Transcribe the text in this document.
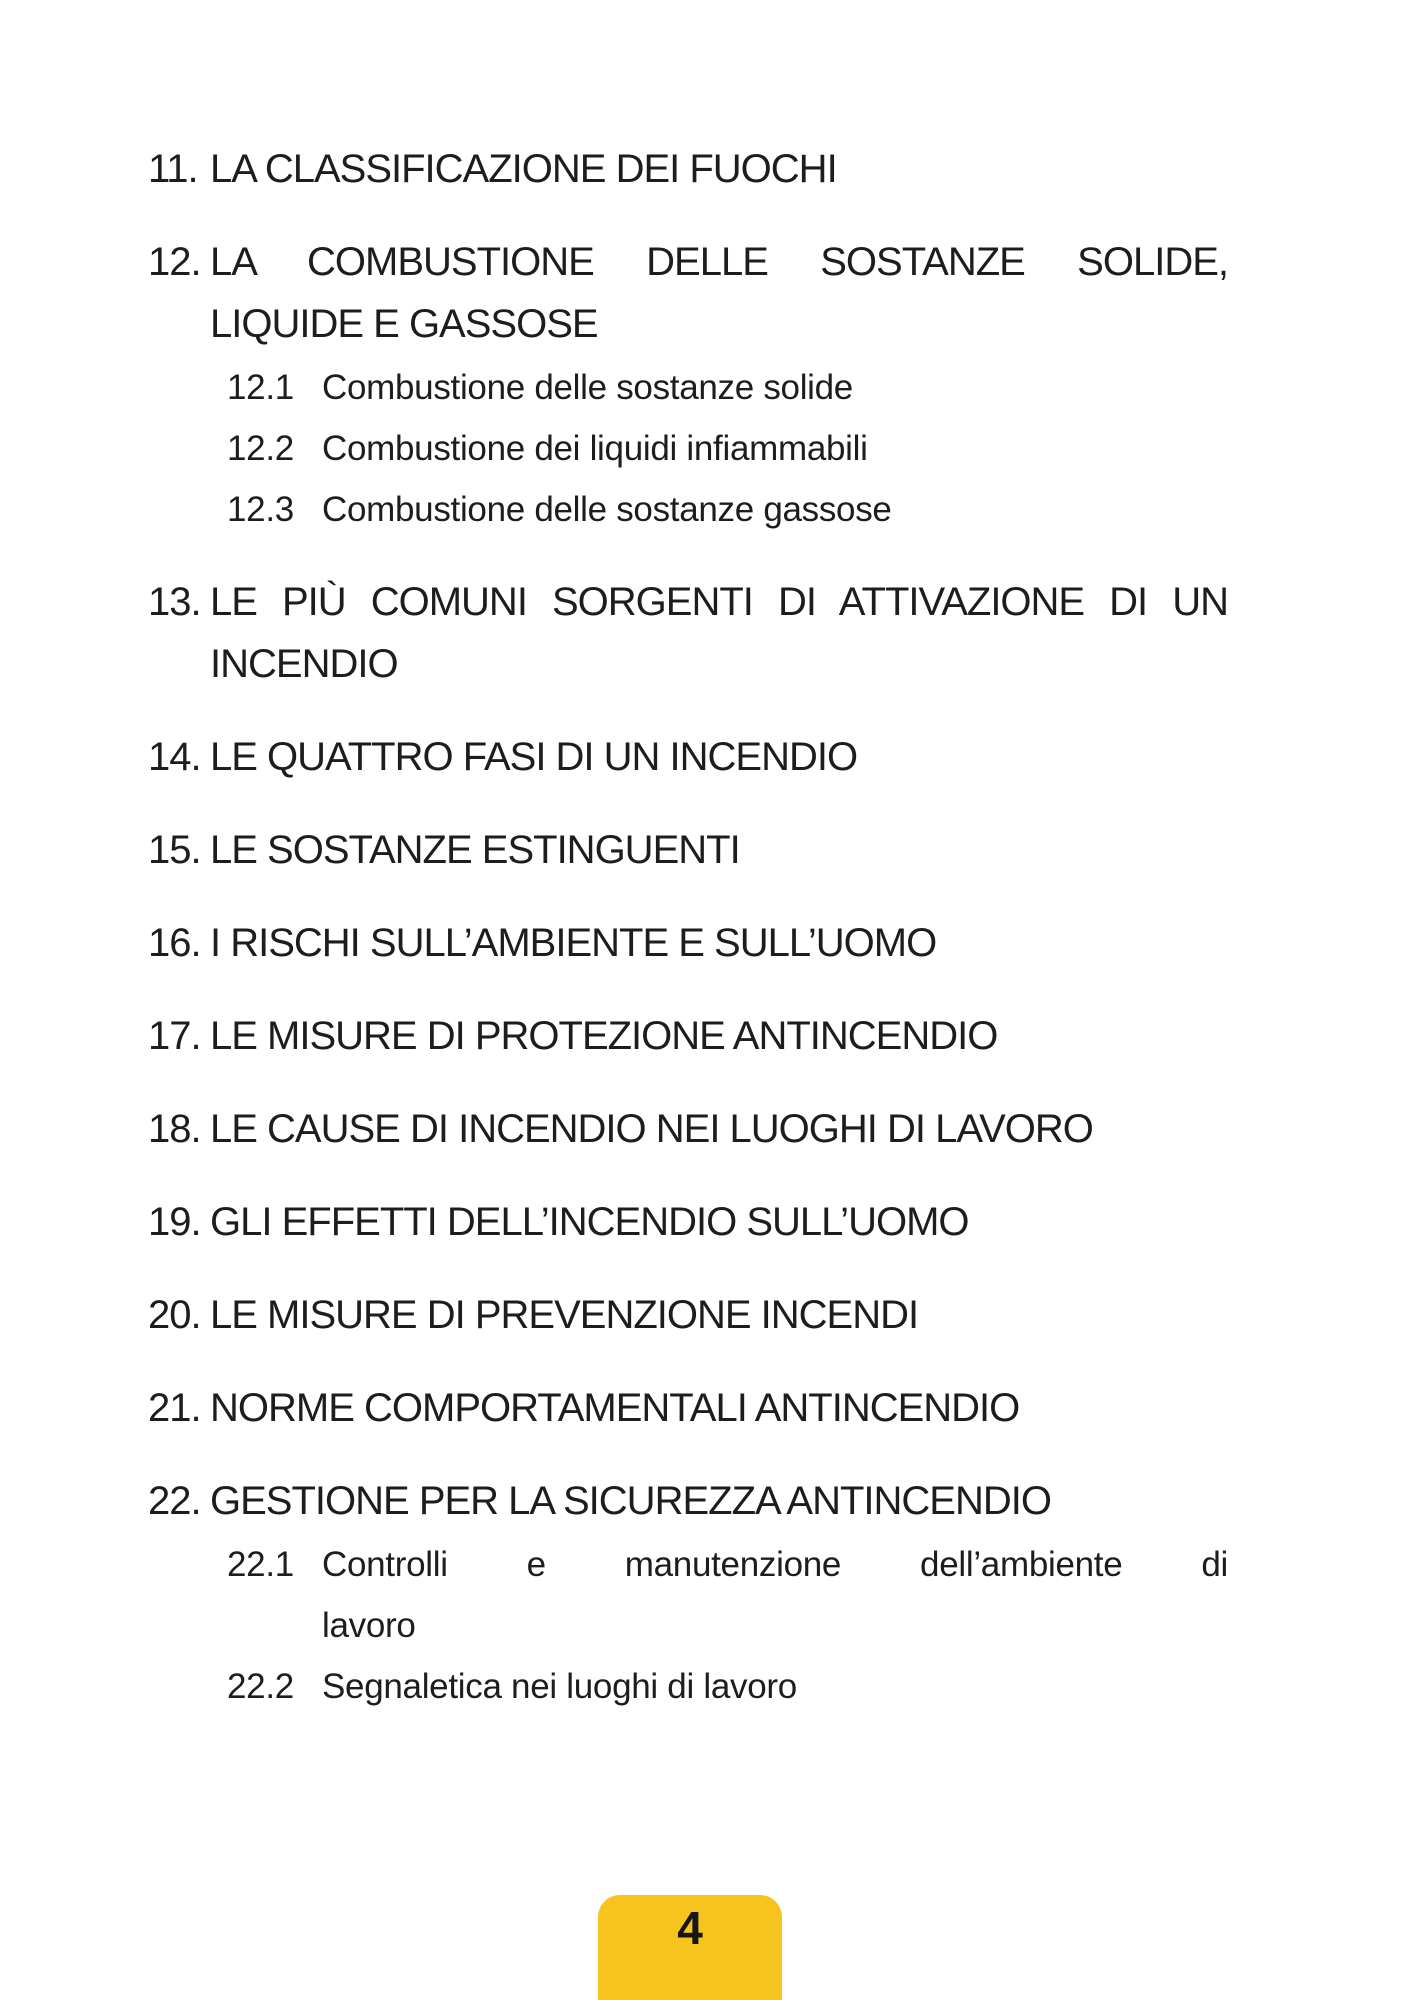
11. LA CLASSIFICAZIONE DEI FUOCHI
12. LA COMBUSTIONE DELLE SOSTANZE SOLIDE,
LIQUIDE E GASSOSE
12.1 Combustione delle sostanze solide
12.2 Combustione dei liquidi infiammabili
12.3 Combustione delle sostanze gassose
13. LE PIÙ COMUNI SORGENTI DI ATTIVAZIONE DI UN
INCENDIO
14. LE QUATTRO FASI DI UN INCENDIO
15. LE SOSTANZE ESTINGUENTI
16. I RISCHI SULL’AMBIENTE E SULL’UOMO
17. LE MISURE DI PROTEZIONE ANTINCENDIO
18. LE CAUSE DI INCENDIO NEI LUOGHI DI LAVORO
19. GLI EFFETTI DELL’INCENDIO SULL’UOMO
20. LE MISURE DI PREVENZIONE INCENDI
21. NORME COMPORTAMENTALI ANTINCENDIO
22. GESTIONE PER LA SICUREZZA ANTINCENDIO
22.1 Controlli e manutenzione dell’ambiente di
lavoro
22.2 Segnaletica nei luoghi di lavoro
4
